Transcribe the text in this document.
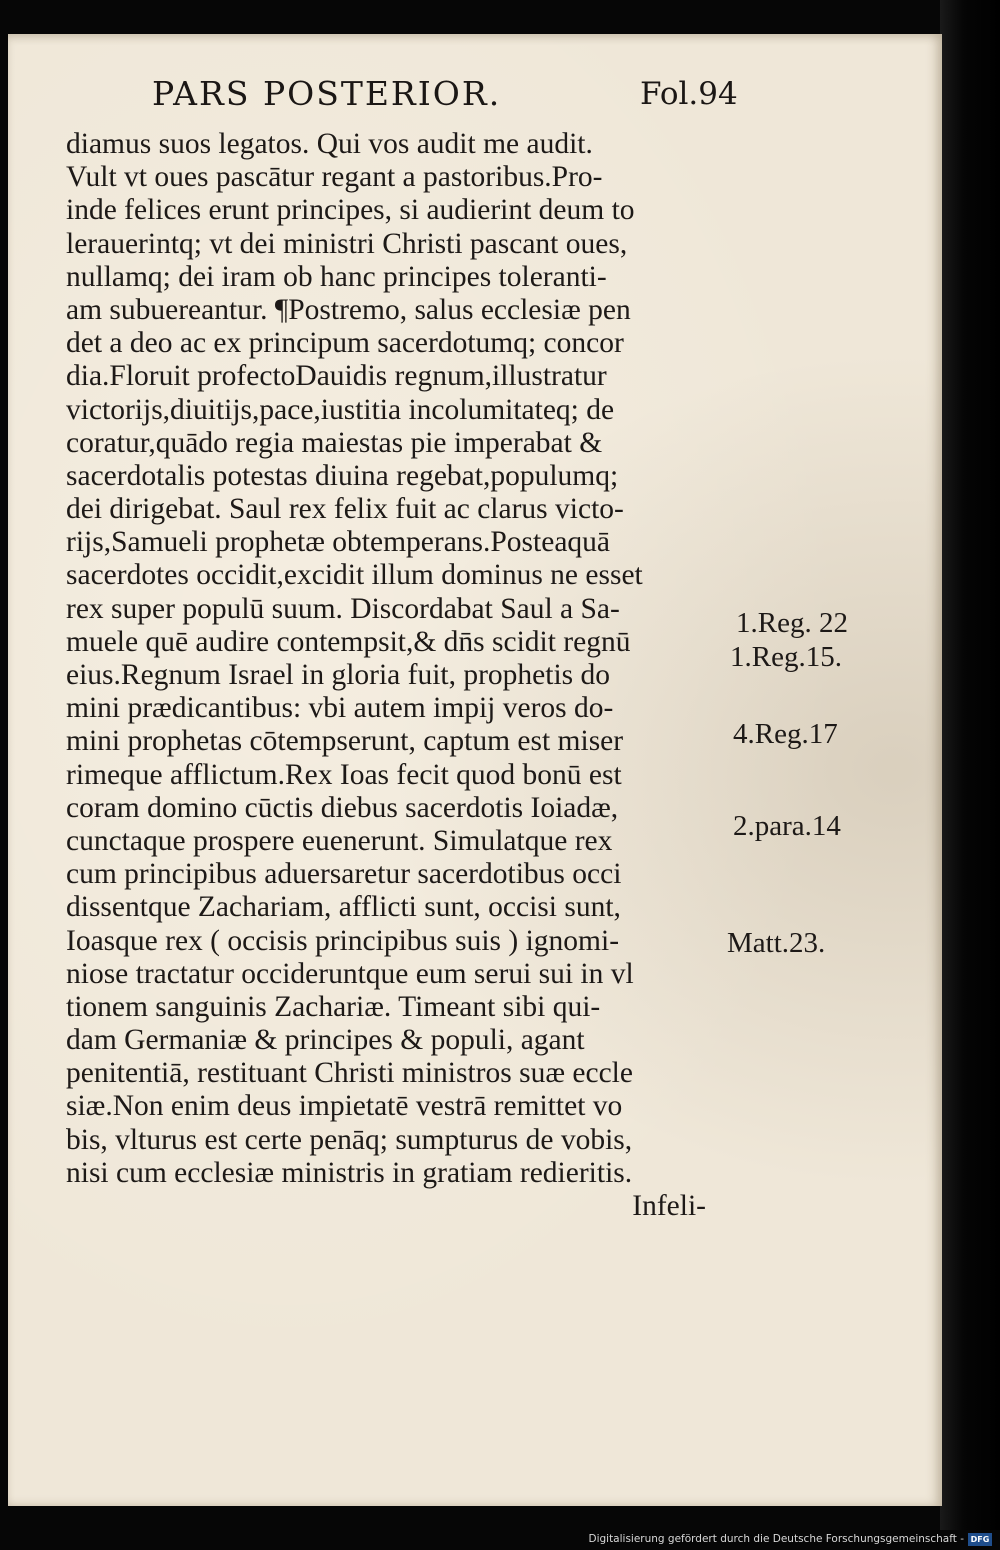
PARS POSTERIOR.	Fol.94
diamus suos legatos. Qui vos audit me audit.
Vult vt oues pascātur regant a pastoribus.Pro-
inde felices erunt principes, si audierint deum to
lerauerintq; vt dei ministri Christi pascant oues,
nullamq; dei iram ob hanc principes toleranti-
am subuereantur. ¶Postremo, salus ecclesiæ pen
det a deo ac ex principum sacerdotumq; concor
dia.Floruit profectoDauidis regnum,illustratur
victorijs,diuitijs,pace,iustitia incolumitateq; de
coratur,quādo regia maiestas pie imperabat &
sacerdotalis potestas diuina regebat,populumq;
dei dirigebat. Saul rex felix fuit ac clarus victo-
rijs,Samueli prophetæ obtemperans.Posteaquā
sacerdotes occidit,excidit illum dominus ne esset
rex super populū suum. Discordabat Saul a Sa-
muele quē audire contempsit,& dn̄s scidit regnū
eius.Regnum Israel in gloria fuit, prophetis do
mini prædicantibus: vbi autem impij veros do-
mini prophetas cōtempserunt, captum est miser
rimeque afflictum.Rex Ioas fecit quod bonū est
coram domino cūctis diebus sacerdotis Ioiadæ,
cunctaque prospere euenerunt. Simulatque rex
cum principibus aduersaretur sacerdotibus occi
dissentque Zachariam, afflicti sunt, occisi sunt,
Ioasque rex ( occisis principibus suis ) ignomi-
niose tractatur occideruntque eum serui sui in vl
tionem sanguinis Zachariæ. Timeant sibi qui-
dam Germaniæ & principes & populi, agant
penitentiā, restituant Christi ministros suæ eccle
siæ.Non enim deus impietatē vestrā remittet vo
bis, vlturus est certe penāq; sumpturus de vobis,
nisi cum ecclesiæ ministris in gratiam redieritis.
Infeli-
1.Reg. 22
1.Reg.15.
4.Reg.17
2.para.14
Matt.23.
Digitalisierung gefördert durch die Deutsche Forschungsgemeinschaft - DFG
